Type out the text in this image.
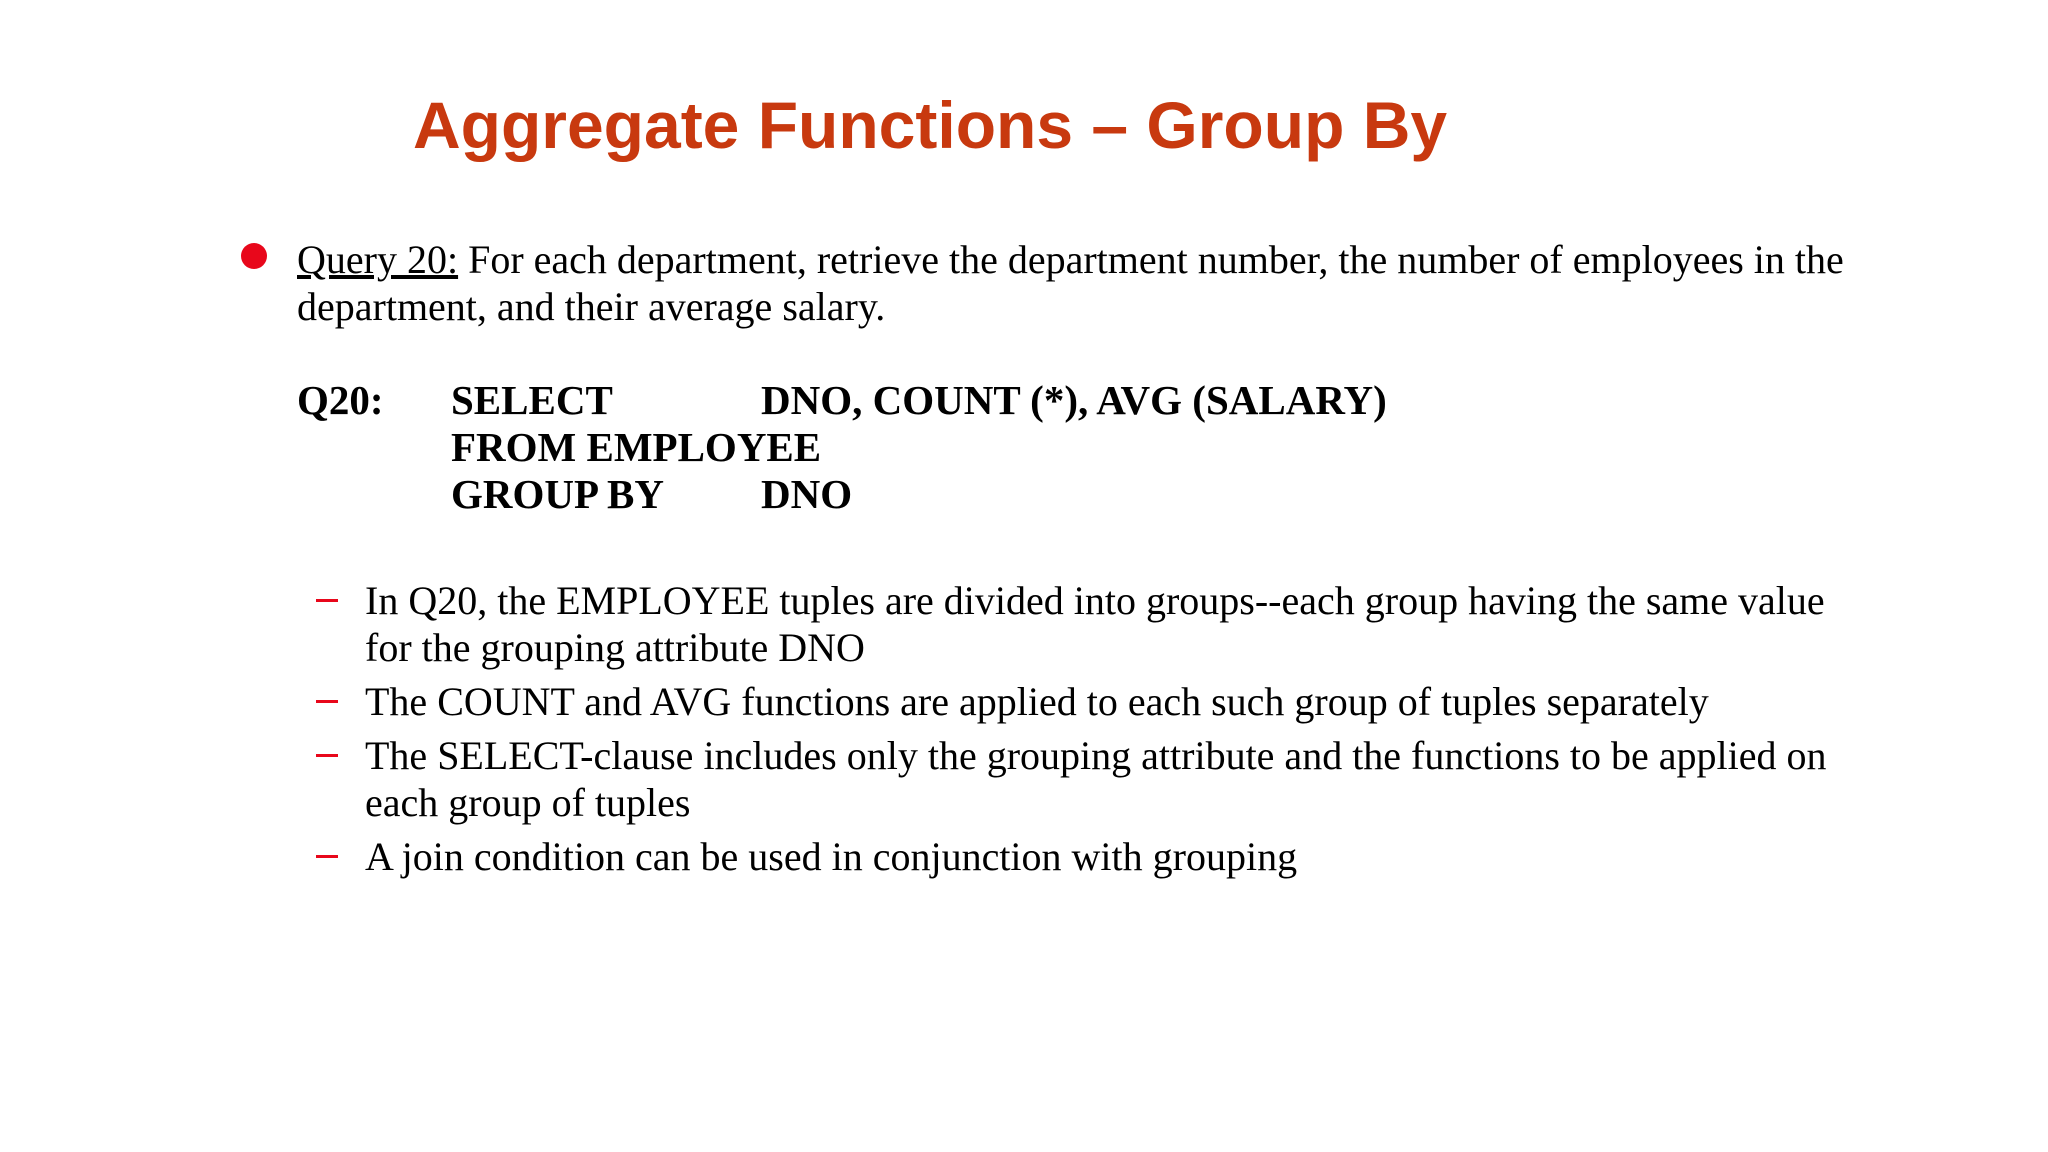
Aggregate Functions – Group By
Query 20: For each department, retrieve the department number, the number of employees in the department, and their average salary.
Q20: SELECT	DNO, COUNT (*), AVG (SALARY)
FROM EMPLOYEE
GROUP BY DNO
In Q20, the EMPLOYEE tuples are divided into groups--each group having the same value for the grouping attribute DNO
The COUNT and AVG functions are applied to each such group of tuples separately
The SELECT-clause includes only the grouping attribute and the functions to be applied on each group of tuples
A join condition can be used in conjunction with grouping
